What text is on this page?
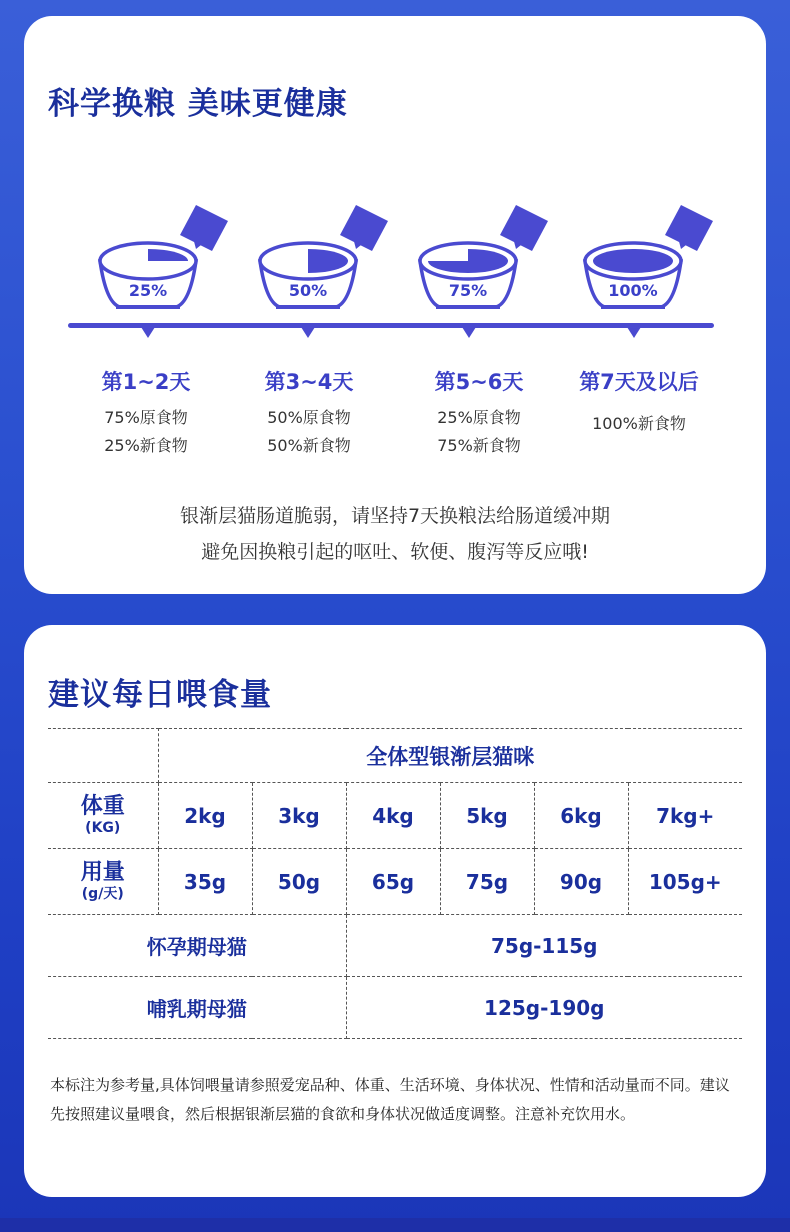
科学换粮 美味更健康
25%	50%	75%	100%
第1~2天
75%原食物
25%新食物
第3~4天
50%原食物
50%新食物
第5~6天
25%原食物
75%新食物
第7天及以后
100%新食物
银渐层猫肠道脆弱，请坚持7天换粮法给肠道缓冲期
避免因换粮引起的呕吐、软便、腹泻等反应哦!
建议每日喂食量
	全体型银渐层猫咪					

体重
(KG)	2kg	3kg	4kg	5kg	6kg	7kg+

用量
(g/天)	35g	50g	65g	75g	90g	105g+
怀孕期母猫			75g-115g			
哺乳期母猫			125g-190g			
本标注为参考量,具体饲喂量请参照爱宠品种、体重、生活环境、身体状况、性情和活动量而不同。建议先按照建议量喂食，然后根据银渐层猫的食欲和身体状况做适度调整。注意补充饮用水。
